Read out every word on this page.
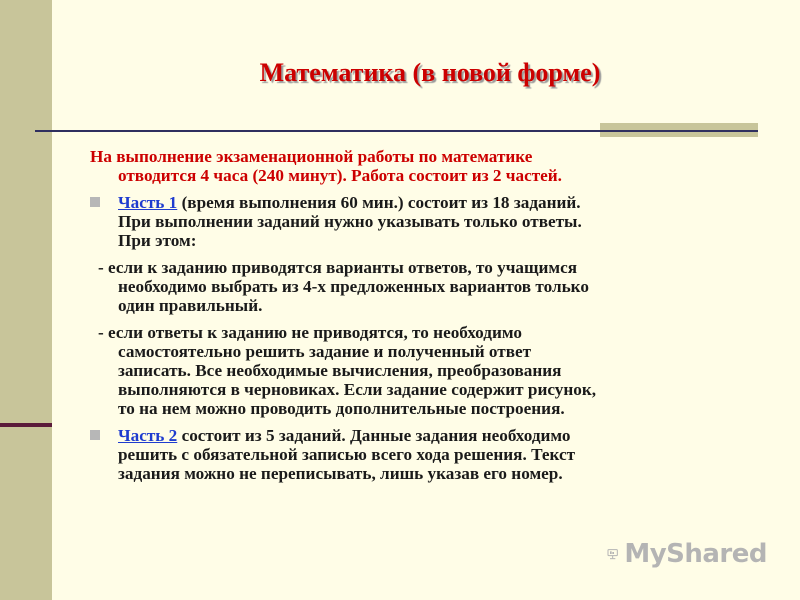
Математика (в новой форме)
На выполнение экзаменационной работы по математике
отводится 4 часа (240 минут). Работа состоит из 2 частей.
Часть 1 (время выполнения 60 мин.) состоит из 18 заданий.
При выполнении заданий нужно указывать только ответы.
При этом:
- если к заданию приводятся варианты ответов, то учащимся
необходимо выбрать из 4-х предложенных вариантов только
один правильный.
- если ответы к заданию не приводятся, то необходимо
самостоятельно решить задание и полученный ответ
записать. Все необходимые вычисления, преобразования
выполняются в черновиках. Если задание содержит рисунок,
то на нем можно проводить дополнительные построения.
Часть 2 состоит из 5 заданий. Данные задания необходимо
решить с обязательной записью всего хода решения. Текст
задания можно не переписывать, лишь указав его номер.
MyShared
